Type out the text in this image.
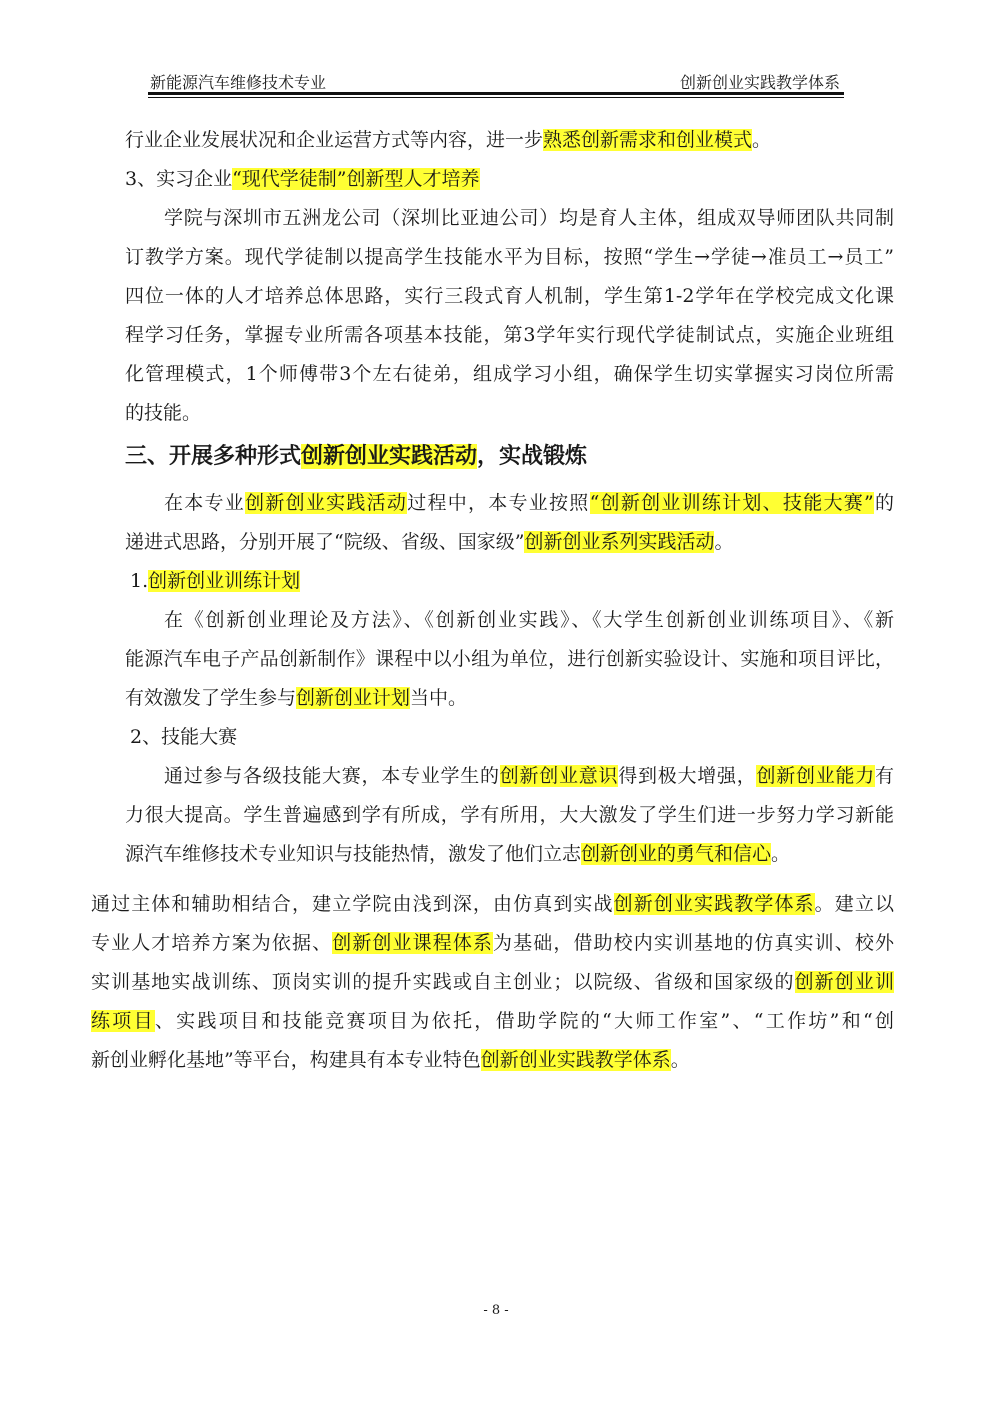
新能源汽车维修技术专业	创新创业实践教学体系
行业企业发展状况和企业运营方式等内容，进一步熟悉创新需求和创业模式。
3、实习企业“现代学徒制”创新型人才培养
学院与深圳市五洲龙公司（深圳比亚迪公司）均是育人主体，组成双导师团队共同制
订教学方案。现代学徒制以提高学生技能水平为目标，按照“学生→学徒→准员工→员工”
四位一体的人才培养总体思路，实行三段式育人机制，学生第1-2学年在学校完成文化课
程学习任务，掌握专业所需各项基本技能，第3学年实行现代学徒制试点，实施企业班组
化管理模式，1个师傅带3个左右徒弟，组成学习小组，确保学生切实掌握实习岗位所需
的技能。
三、开展多种形式创新创业实践活动，实战锻炼
在本专业创新创业实践活动过程中，本专业按照“创新创业训练计划、技能大赛”的
递进式思路，分别开展了“院级、省级、国家级”创新创业系列实践活动。
1.创新创业训练计划
在《创新创业理论及方法》、《创新创业实践》、《大学生创新创业训练项目》、《新
能源汽车电子产品创新制作》课程中以小组为单位，进行创新实验设计、实施和项目评比，
有效激发了学生参与创新创业计划当中。
2、技能大赛
通过参与各级技能大赛，本专业学生的创新创业意识得到极大增强，创新创业能力有
力很大提高。学生普遍感到学有所成，学有所用，大大激发了学生们进一步努力学习新能
源汽车维修技术专业知识与技能热情，激发了他们立志创新创业的勇气和信心。
通过主体和辅助相结合，建立学院由浅到深，由仿真到实战创新创业实践教学体系。建立以
专业人才培养方案为依据、创新创业课程体系为基础，借助校内实训基地的仿真实训、校外
实训基地实战训练、顶岗实训的提升实践或自主创业；以院级、省级和国家级的创新创业训
练项目、实践项目和技能竞赛项目为依托，借助学院的“大师工作室”、“工作坊”和“创
新创业孵化基地”等平台，构建具有本专业特色创新创业实践教学体系。
- 8 -
